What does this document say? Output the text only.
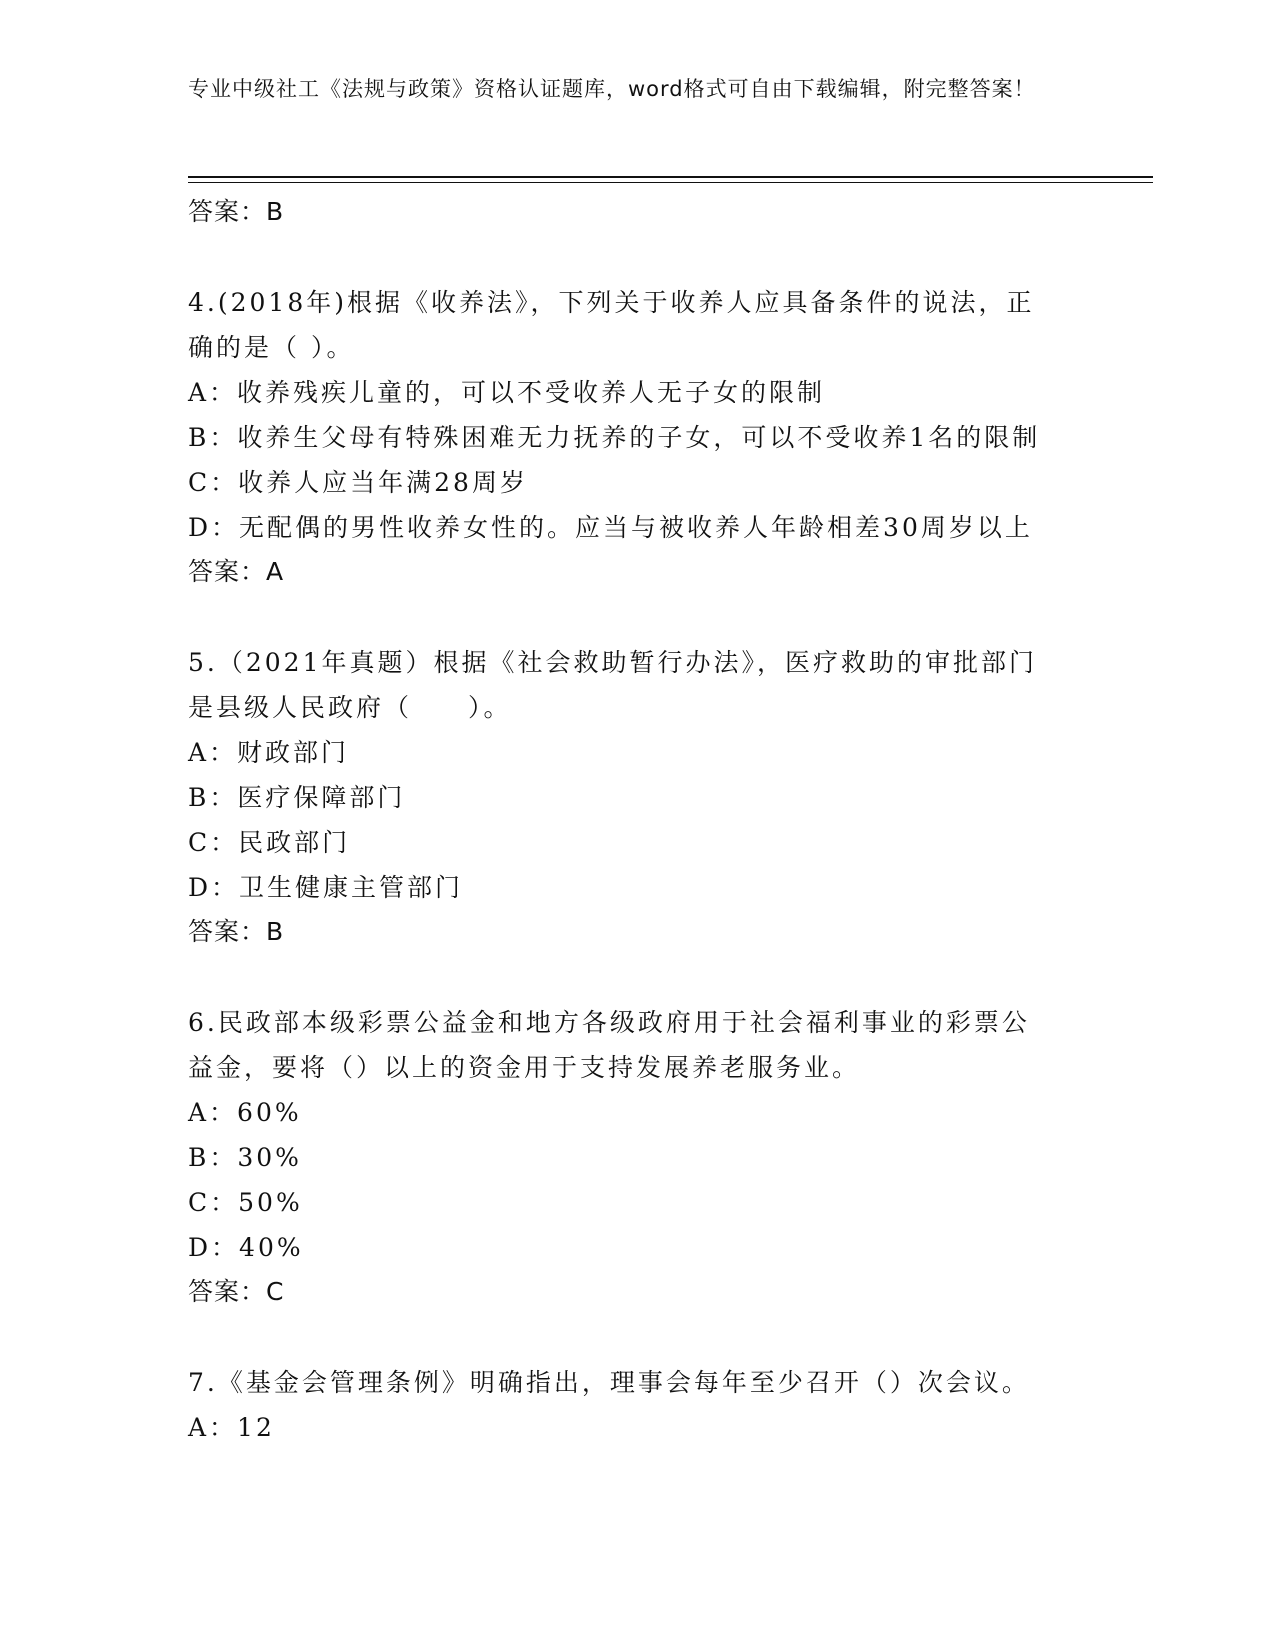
专业中级社工《法规与政策》资格认证题库，word格式可自由下载编辑，附完整答案！

答案：B

4.(2018年)根据《收养法》，下列关于收养人应具备条件的说法，正

确的是（ ）。

A：收养残疾儿童的，可以不受收养人无子女的限制

B：收养生父母有特殊困难无力抚养的子女，可以不受收养1名的限制

C：收养人应当年满28周岁

D：无配偶的男性收养女性的。应当与被收养人年龄相差30周岁以上

答案：A

5.（2021年真题）根据《社会救助暂行办法》，医疗救助的审批部门

是县级人民政府（　　）。

A：财政部门

B：医疗保障部门

C：民政部门

D：卫生健康主管部门

答案：B

6.民政部本级彩票公益金和地方各级政府用于社会福利事业的彩票公

益金，要将（）以上的资金用于支持发展养老服务业。

A：60%

B：30%

C：50%

D：40%

答案：C

7.《基金会管理条例》明确指出，理事会每年至少召开（）次会议。

A：12
